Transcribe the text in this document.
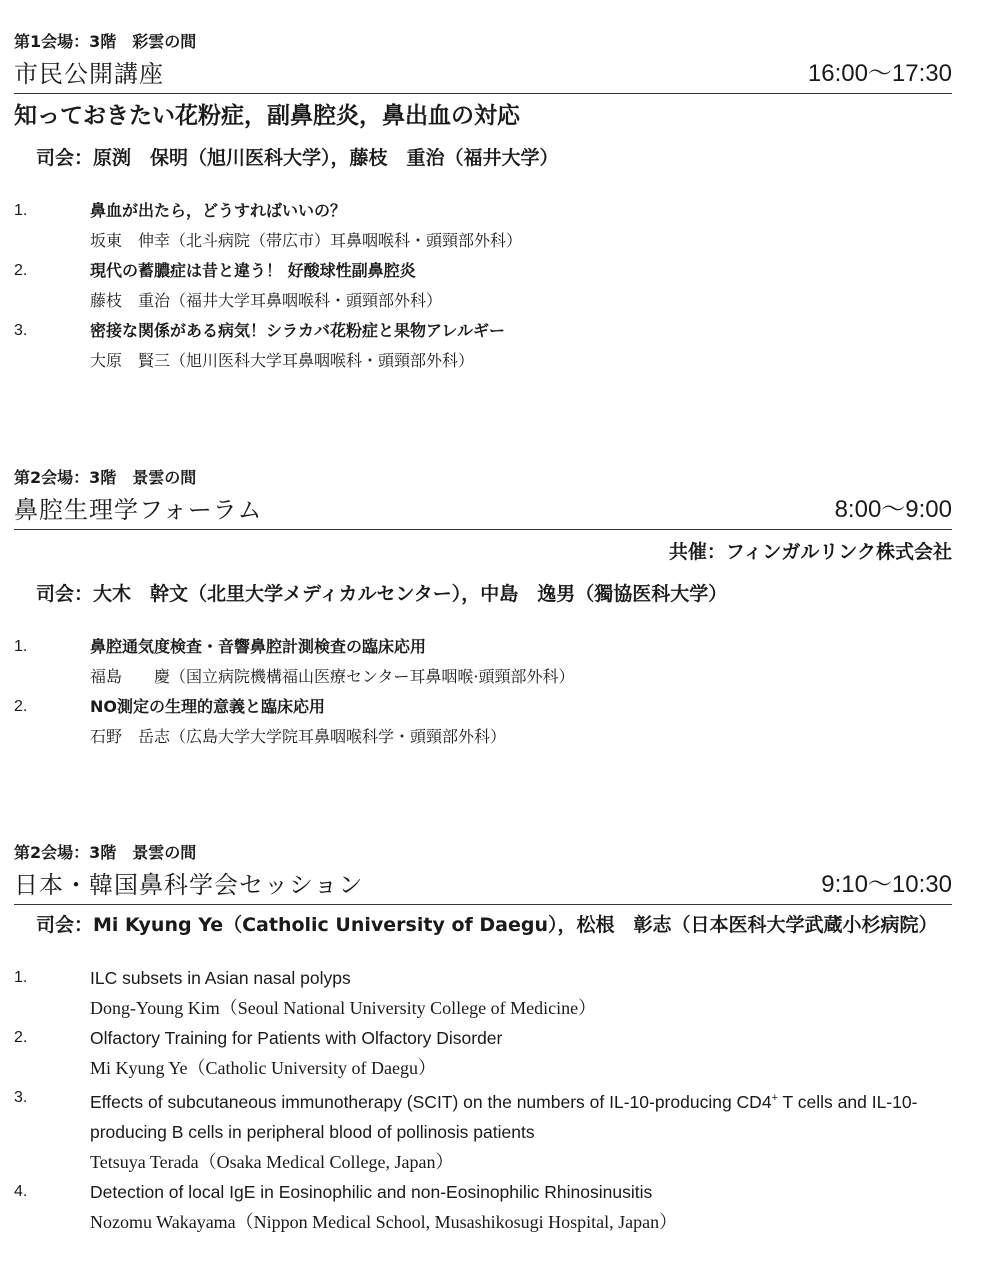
第1会場：3階　彩雲の間
市民公開講座	16:00〜17:30
知っておきたい花粉症，副鼻腔炎，鼻出血の対応
司会：原渕　保明（旭川医科大学），藤枝　重治（福井大学）
1.	鼻血が出たら，どうすればいいの？
坂東　伸幸（北斗病院（帯広市）耳鼻咽喉科・頭頸部外科）
2.	現代の蓄膿症は昔と違う！ 好酸球性副鼻腔炎
藤枝　重治（福井大学耳鼻咽喉科・頭頸部外科）
3.	密接な関係がある病気！シラカバ花粉症と果物アレルギー
大原　賢三（旭川医科大学耳鼻咽喉科・頭頸部外科）
第2会場：3階　景雲の間
鼻腔生理学フォーラム	8:00〜9:00
共催：フィンガルリンク株式会社
司会：大木　幹文（北里大学メディカルセンター），中島　逸男（獨協医科大学）
1.	鼻腔通気度検査・音響鼻腔計測検査の臨床応用
福島　　慶（国立病院機構福山医療センター耳鼻咽喉·頭頸部外科）
2.	NO測定の生理的意義と臨床応用
石野　岳志（広島大学大学院耳鼻咽喉科学・頭頸部外科）
第2会場：3階　景雲の間
日本・韓国鼻科学会セッション	9:10〜10:30
司会：Mi Kyung Ye（Catholic University of Daegu），松根　彰志（日本医科大学武蔵小杉病院）
1.	ILC subsets in Asian nasal polyps
Dong-Young Kim（Seoul National University College of Medicine）
2.	Olfactory Training for Patients with Olfactory Disorder
Mi Kyung Ye（Catholic University of Daegu）
3.	Effects of subcutaneous immunotherapy (SCIT) on the numbers of IL-10-producing CD4+ T cells and IL-10-producing B cells in peripheral blood of pollinosis patients
Tetsuya Terada（Osaka Medical College, Japan）
4.	Detection of local IgE in Eosinophilic and non-Eosinophilic Rhinosinusitis
Nozomu Wakayama（Nippon Medical School, Musashikosugi Hospital, Japan）
